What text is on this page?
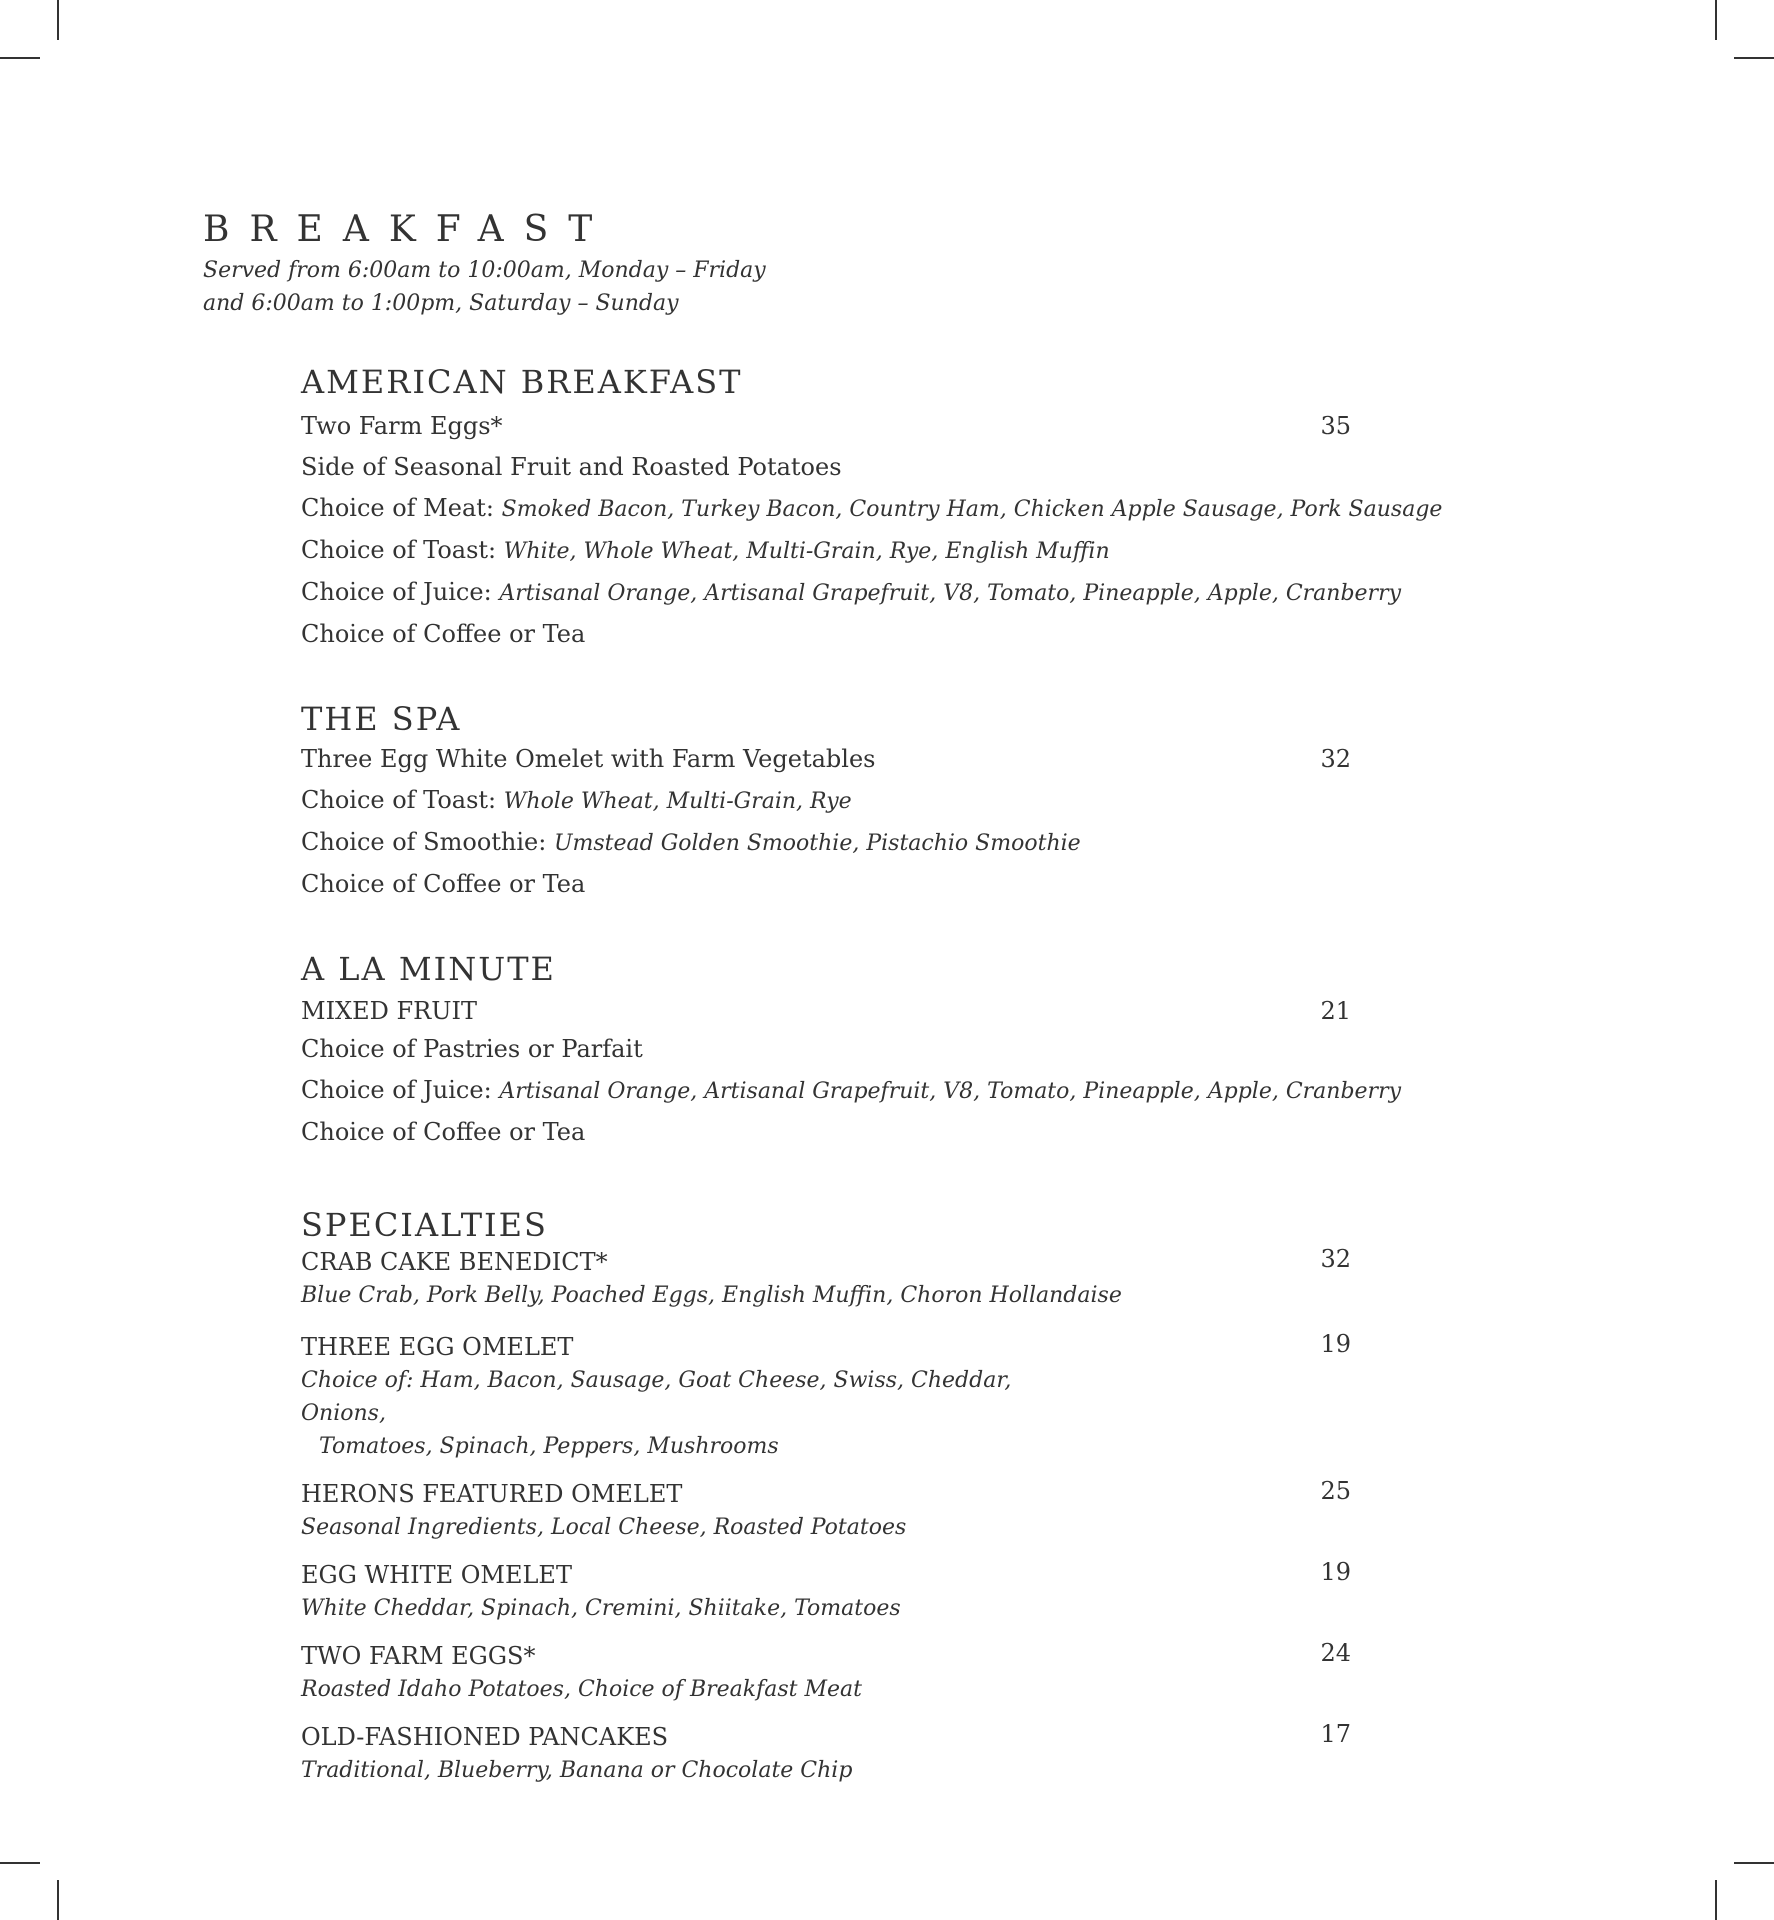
BREAKFAST
Served from 6:00am to 10:00am, Monday – Friday
and 6:00am to 1:00pm, Saturday – Sunday
AMERICAN BREAKFAST
Two Farm Eggs*	35
Side of Seasonal Fruit and Roasted Potatoes
Choice of Meat: Smoked Bacon, Turkey Bacon, Country Ham, Chicken Apple Sausage, Pork Sausage
Choice of Toast: White, Whole Wheat, Multi-Grain, Rye, English Muffin
Choice of Juice: Artisanal Orange, Artisanal Grapefruit, V8, Tomato, Pineapple, Apple, Cranberry
Choice of Coffee or Tea
THE SPA
Three Egg White Omelet with Farm Vegetables	32
Choice of Toast: Whole Wheat, Multi-Grain, Rye
Choice of Smoothie: Umstead Golden Smoothie, Pistachio Smoothie
Choice of Coffee or Tea
A LA MINUTE
MIXED FRUIT	21
Choice of Pastries or Parfait
Choice of Juice: Artisanal Orange, Artisanal Grapefruit, V8, Tomato, Pineapple, Apple, Cranberry
Choice of Coffee or Tea
SPECIALTIES
CRAB CAKE BENEDICT*	32
Blue Crab, Pork Belly, Poached Eggs, English Muffin, Choron Hollandaise
THREE EGG OMELET	19
Choice of: Ham, Bacon, Sausage, Goat Cheese, Swiss, Cheddar, Onions,
Tomatoes, Spinach, Peppers, Mushrooms
HERONS FEATURED OMELET	25
Seasonal Ingredients, Local Cheese, Roasted Potatoes
EGG WHITE OMELET	19
White Cheddar, Spinach, Cremini, Shiitake, Tomatoes
TWO FARM EGGS*	24
Roasted Idaho Potatoes, Choice of Breakfast Meat
OLD-FASHIONED PANCAKES	17
Traditional, Blueberry, Banana or Chocolate Chip
